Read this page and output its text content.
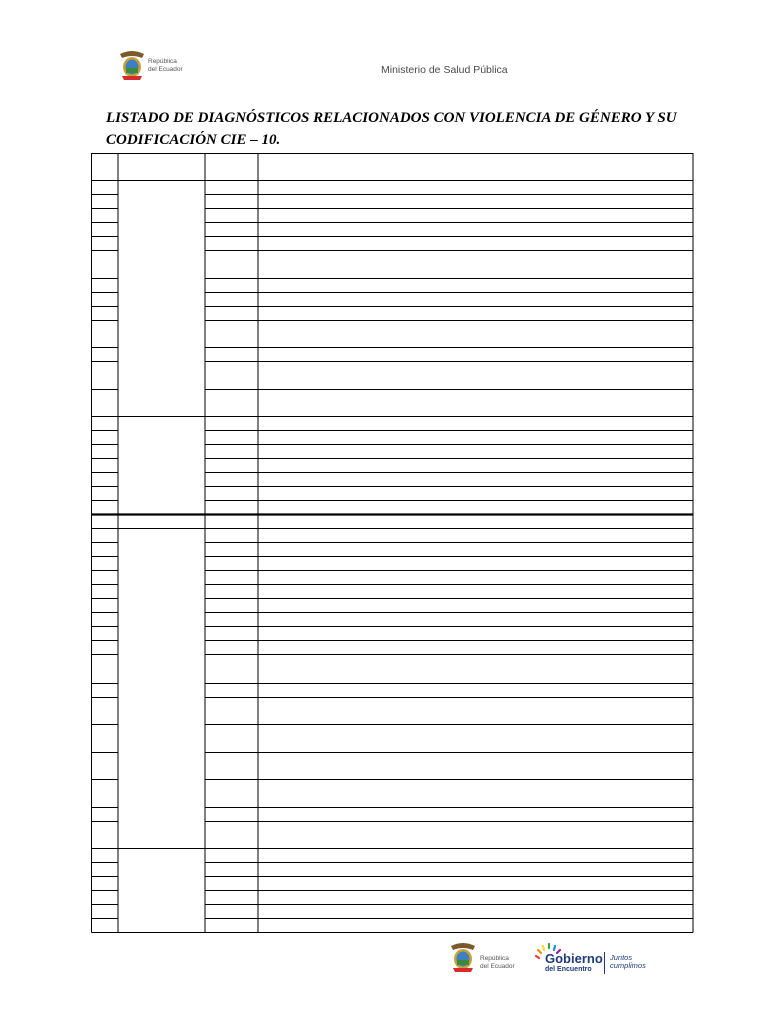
República
del Ecuador	Ministerio de Salud Pública
LISTADO DE DIAGNÓSTICOS RELACIONADOS CON VIOLENCIA DE GÉNERO Y SU
CODIFICACIÓN CIE – 10.
República
del Ecuador Gobierno
del Encuentro
Juntos
cumplimos
